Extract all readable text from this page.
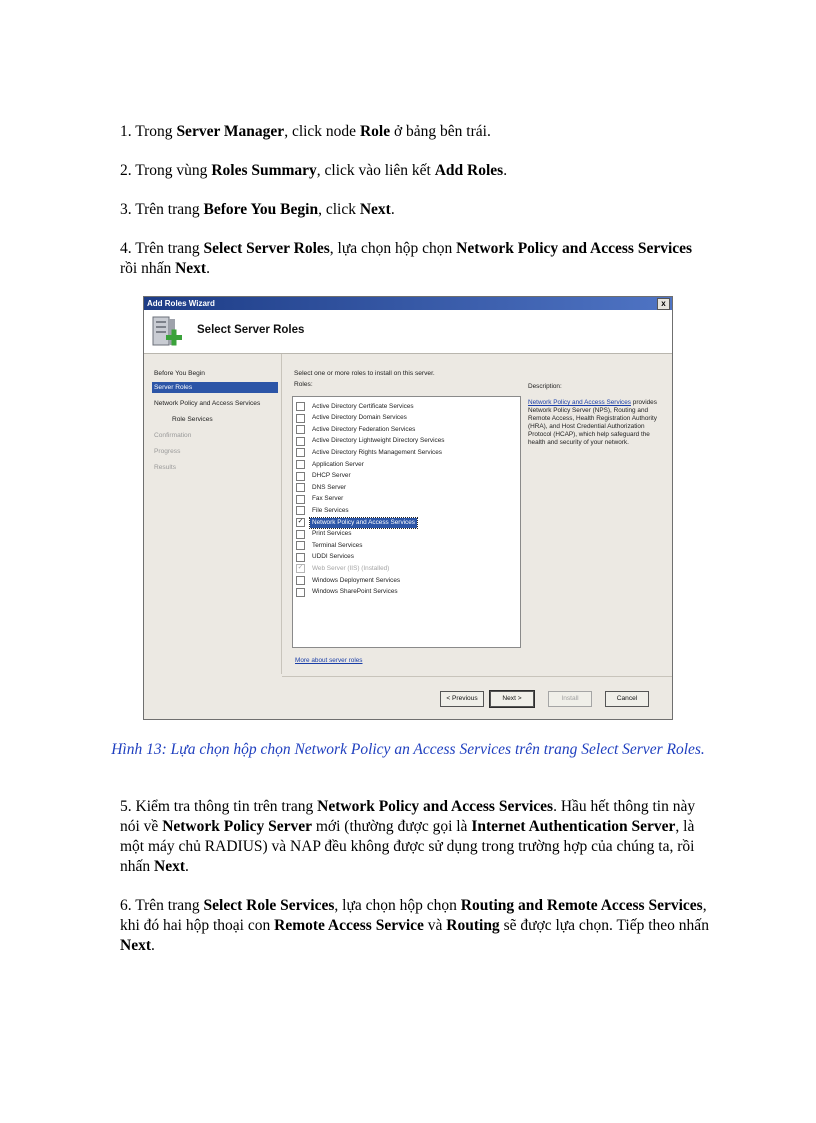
1. Trong Server Manager, click node Role ở bảng bên trái.

2. Trong vùng Roles Summary, click vào liên kết Add Roles.

3. Trên trang Before You Begin, click Next.

4. Trên trang Select Server Roles, lựa chọn hộp chọn Network Policy and Access Services rồi nhấn Next.

Add Roles Wizard	x
Select Server Roles
Before You Begin
Server Roles
Network Policy and Access Services
Role Services
Confirmation
Progress
Results
Select one or more roles to install on this server.
Roles:
Active Directory Certificate Services
Active Directory Domain Services
Active Directory Federation Services
Active Directory Lightweight Directory Services
Active Directory Rights Management Services
Application Server
DHCP Server
DNS Server
Fax Server
File Services
✓	Network Policy and Access Services
Print Services
Terminal Services
UDDI Services
✓	Web Server (IIS) (Installed)
Windows Deployment Services
Windows SharePoint Services
More about server roles
Description:
Network Policy and Access Services provides Network Policy Server (NPS), Routing and Remote Access, Health Registration Authority (HRA), and Host Credential Authorization Protocol (HCAP), which help safeguard the health and security of your network.
< Previous	Next >	Install	Cancel
Hình 13: Lựa chọn hộp chọn Network Policy an Access Services trên trang Select Server Roles.

5. Kiểm tra thông tin trên trang Network Policy and Access Services. Hầu hết thông tin này nói về Network Policy Server mới (thường được gọi là Internet Authentication Server, là một máy chủ RADIUS) và NAP đều không được sử dụng trong trường hợp của chúng ta, rồi nhấn Next.

6. Trên trang Select Role Services, lựa chọn hộp chọn Routing and Remote Access Services, khi đó hai hộp thoại con Remote Access Service và Routing sẽ được lựa chọn. Tiếp theo nhấn Next.
